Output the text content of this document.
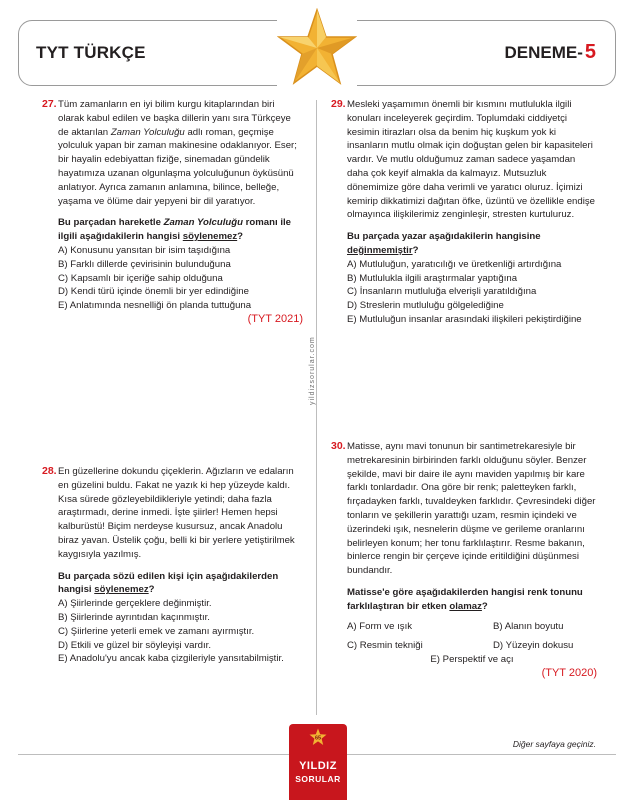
TYT TÜRKÇE	DENEME- 5
yildizsorular.com
27. Tüm zamanların en iyi bilim kurgu kitaplarından biri olarak kabul edilen ve başka dillerin yanı sıra Türkçeye de aktarılan Zaman Yolculuğu adlı roman, geçmişe yolculuk yapan bir zaman makinesine odaklanıyor. Eser; bir hayalin edebiyattan fiziğe, sinemadan gündelik hayatımıza uzanan olgunlaşma yolculuğunun öyküsünü anlatıyor. Ayrıca zamanın anlamına, bilince, belleğe, yaşama ve ölüme dair yepyeni bir dil yaratıyor.

Bu parçadan hareketle Zaman Yolculuğu romanı ile ilgili aşağıdakilerin hangisi söylenemez?

A) Konusunu yansıtan bir isim taşıdığına

B) Farklı dillerde çevirisinin bulunduğuna

C) Kapsamlı bir içeriğe sahip olduğuna

D) Kendi türü içinde önemli bir yer edindiğine

E) Anlatımında nesnelliği ön planda tuttuğuna

(TYT 2021)

28. En güzellerine dokundu çiçeklerin. Ağızların ve edaların en güzelini buldu. Fakat ne yazık ki hep yüzeyde kaldı. Kısa sürede gözleyebildikleriyle yetindi; daha fazla araştırmadı, derine inmedi. İşte şiirler! Hemen hepsi kalburüstü! Biçim nerdeyse kusursuz, ancak Anadolu biraz yavan. Üstelik çoğu, belli ki bir yerlere yetiştirilmek kaygısıyla yazılmış.

Bu parçada sözü edilen kişi için aşağıdakilerden hangisi söylenemez?

A) Şiirlerinde gerçeklere değinmiştir.

B) Şiirlerinde ayrıntıdan kaçınmıştır.

C) Şiirlerine yeterli emek ve zamanı ayırmıştır.

D) Etkili ve güzel bir söyleyişi vardır.

E) Anadolu'yu ancak kaba çizgileriyle yansıtabilmiştir.

29. Mesleki yaşamımın önemli bir kısmını mutlulukla ilgili konuları inceleyerek geçirdim. Toplumdaki ciddiyetçi kesimin itirazları olsa da benim hiç kuşkum yok ki insanların mutlu olmak için doğuştan gelen bir kapasiteleri vardır. Ve mutlu olduğumuz zaman sadece yaşamdan daha çok keyif almakla da kalmayız. Mutsuzluk dönemimize göre daha verimli ve yaratıcı oluruz. İçimizi kemirip dikkatimizi dağıtan öfke, üzüntü ve özellikle endişe olmayınca ilişkilerimiz zenginleşir, stresten kurtuluruz.

Bu parçada yazar aşağıdakilerin hangisine değinmemiştir?

A) Mutluluğun, yaratıcılığı ve üretkenliği artırdığına

B) Mutlulukla ilgili araştırmalar yaptığına

C) İnsanların mutluluğa elverişli yaratıldığına

D) Streslerin mutluluğu gölgelediğine

E) Mutluluğun insanlar arasındaki ilişkileri pekiştirdiğine

30. Matisse, aynı mavi tonunun bir santimetrekaresiyle bir metrekaresinin birbirinden farklı olduğunu söyler. Benzer şekilde, mavi bir daire ile aynı maviden yapılmış bir kare farklı tonlardadır. Ona göre bir renk; paletteyken farklı, fırçadayken farklı, tuvaldeyken farklıdır. Çevresindeki diğer tonların ve şekillerin yarattığı uzam, resmin içindeki ve üzerindeki ışık, nesnelerin düşme ve gerileme oranlarını belirleyen konum; her tonu farklılaştırır. Resme bakanın, binlerce rengin bir çerçeve içinde eritildiğini düşünmesi bundandır.

Matisse'e göre aşağıdakilerden hangisi renk tonunu farklılaştıran bir etken olamaz?

A) Form ve ışık	B) Alanın boyutu
C) Resmin tekniği	D) Yüzeyin dokusu

E) Perspektif ve açı

(TYT 2020)

Diğer sayfaya geçiniz.
65
YILDIZ
SORULAR
